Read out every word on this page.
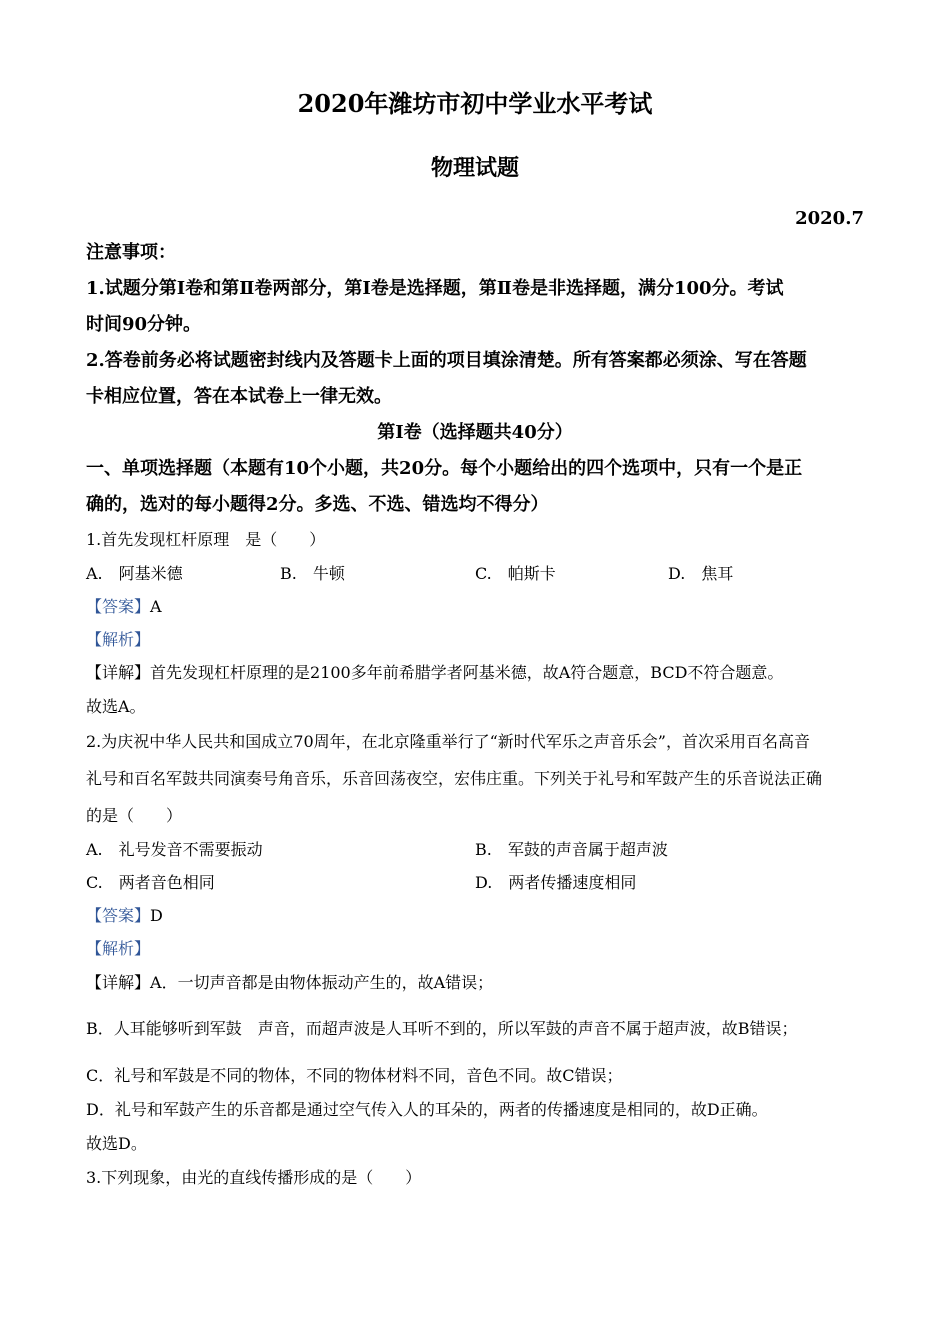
2020年潍坊市初中学业水平考试
物理试题
2020.7
注意事项：
1.试题分第Ⅰ卷和第Ⅱ卷两部分，第Ⅰ卷是选择题，第Ⅱ卷是非选择题，满分100分。考试
时间90分钟。
2.答卷前务必将试题密封线内及答题卡上面的项目填涂清楚。所有答案都必须涂、写在答题
卡相应位置，答在本试卷上一律无效。
第Ⅰ卷（选择题共40分）
一、单项选择题（本题有10个小题，共20分。每个小题给出的四个选项中，只有一个是正
确的，选对的每小题得2分。多选、不选、错选均不得分）
1.首先发现杠杆原理　是（　　）
A.　阿基米德	B.　牛顿	C.　帕斯卡	D.　焦耳
【答案】A
【解析】
【详解】首先发现杠杆原理的是2100多年前希腊学者阿基米德，故A符合题意，BCD不符合题意。
故选A。
2.为庆祝中华人民共和国成立70周年，在北京隆重举行了“新时代军乐之声音乐会”，首次采用百名高音
礼号和百名军鼓共同演奏号角音乐，乐音回荡夜空，宏伟庄重。下列关于礼号和军鼓产生的乐音说法正确
的是（　　）
A.　礼号发音不需要振动	B.　军鼓的声音属于超声波
C.　两者音色相同	D.　两者传播速度相同
【答案】D
【解析】
【详解】A．一切声音都是由物体振动产生的，故A错误；
B．人耳能够听到军鼓　声音，而超声波是人耳听不到的，所以军鼓的声音不属于超声波，故B错误；
C．礼号和军鼓是不同的物体，不同的物体材料不同，音色不同。故C错误；
D．礼号和军鼓产生的乐音都是通过空气传入人的耳朵的，两者的传播速度是相同的，故D正确。
故选D。
3.下列现象，由光的直线传播形成的是（　　）
